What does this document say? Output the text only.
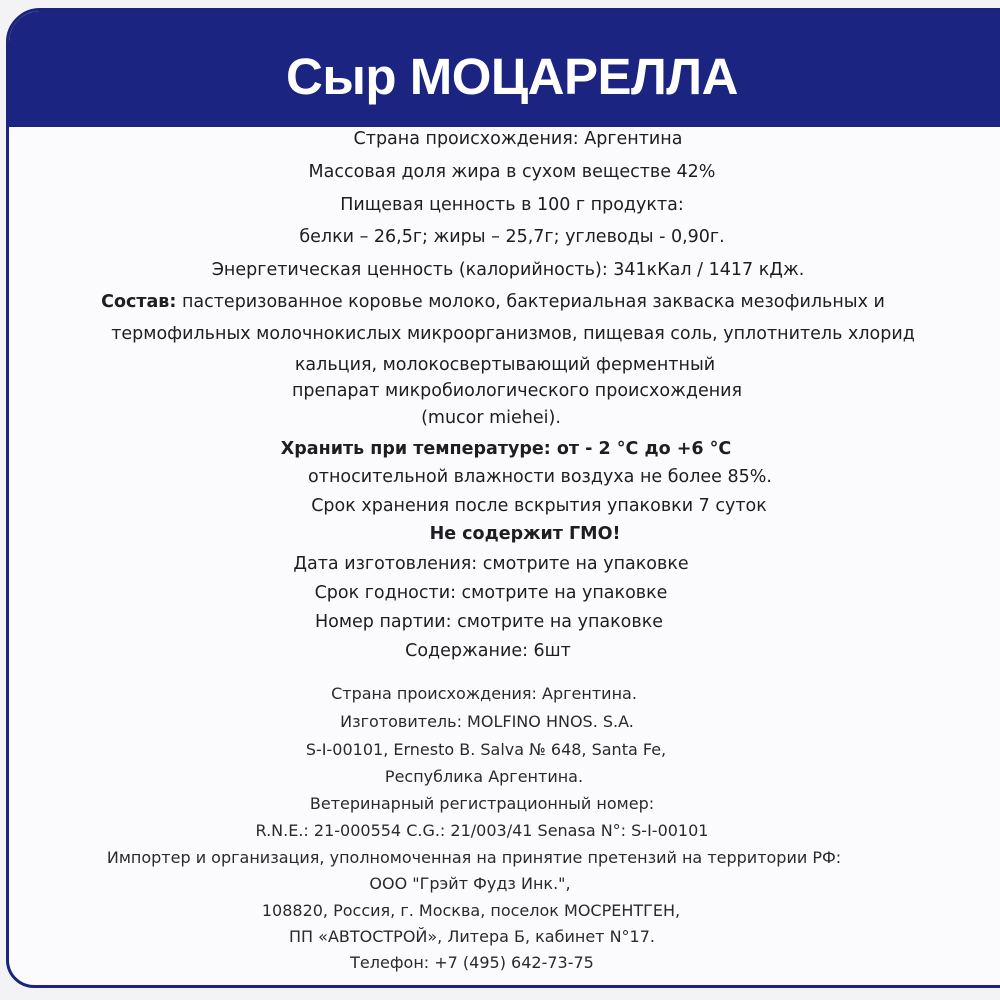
Сыр МОЦАРЕЛЛА
Страна происхождения: Аргентина
Массовая доля жира в сухом веществе 42%
Пищевая ценность в 100 г продукта:
белки – 26,5г; жиры – 25,7г; углеводы - 0,90г.
Энергетическая ценность (калорийность): 341кКал / 1417 кДж.
Состав: пастеризованное коровье молоко, бактериальная закваска мезофильных и
термофильных молочнокислых микроорганизмов, пищевая соль, уплотнитель хлорид
кальция, молокосвертывающий ферментный
препарат микробиологического происхождения
(mucor miehei).
Хранить при температуре: от - 2 °С до +6 °С
относительной влажности воздуха не более 85%.
Срок хранения после вскрытия упаковки 7 суток
Не содержит ГМО!
Дата изготовления: смотрите на упаковке
Срок годности: смотрите на упаковке
Номер партии: смотрите на упаковке
Содержание: 6шт
Страна происхождения: Аргентина.
Изготовитель: MOLFINO HNOS. S.A.
S-I-00101, Ernesto B. Salva № 648, Santa Fe,
Республика Аргентина.
Ветеринарный регистрационный номер:
R.N.E.: 21-000554 C.G.: 21/003/41 Senasa N°: S-I-00101
Импортер и организация, уполномоченная на принятие претензий на территории РФ:
ООО "Грэйт Фудз Инк.",
108820, Россия, г. Москва, поселок МОСРЕНТГЕН,
ПП «АВТОСТРОЙ», Литера Б, кабинет N°17.
Телефон: +7 (495) 642-73-75
